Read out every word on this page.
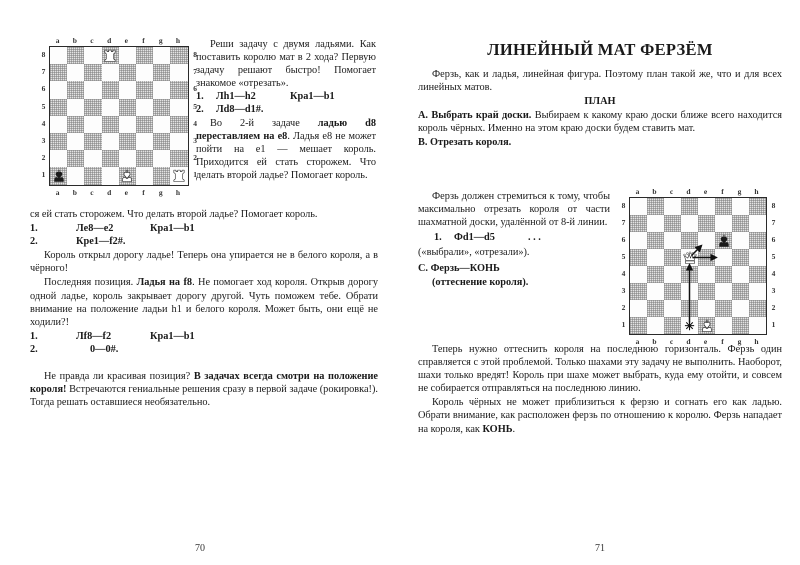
a	b	c	d	e	f	g	h
a	b	c	d	e	f	g	h
8
7
6
5
4
3
2
1
8
7
6
5
4
3
2
1

Реши задачу с двумя ладьями. Как поставить королю мат в 2 хода? Первую задачу решают быстро! Помогает знакомое «отрезать».

1.	Лh1—h2	Крa1—b1
2.	Лd8—d1#.

Во 2-й задаче ладью d8 переставляем на e8. Ладья e8 не может пойти на e1 — мешает король. Приходится ей стать сторожем. Что делать второй ладье? Помогает король.

ся ей стать сторожем. Что делать второй ладье? Помогает король.

1.	Лe8—e2	Крa1—b1
2.	Крe1—f2#.

Король открыл дорогу ладье! Теперь она упирается не в белого короля, а в чёрного!

Последняя позиция. Ладья на f8. Не помогает ход короля. Открыв дорогу одной ладье, король закрывает дорогу другой. Чуть поможем тебе. Обрати внимание на положение ладьи h1 и белого короля. Может быть, они ещё не ходили?!

1.	Лf8—f2	Крa1—b1
2.	0—0#.

Не правда ли красивая позиция? В задачах всегда смотри на положение короля! Встречаются гениальные решения сразу в первой задаче (рокировка!). Тогда решать оставшиеся необязательно.

70
ЛИНЕЙНЫЙ МАТ ФЕРЗЁМ

Ферзь, как и ладья, линейная фигура. Поэтому план такой же, что и для всех линейных матов.

ПЛАН

А. Выбрать край доски. Выбираем к какому краю доски ближе всего находится король чёрных. Именно на этом краю доски будем ставить мат.

В. Отрезать короля.

✳
a	b	c	d	e	f	g	h
a	b	c	d	e	f	g	h
8
7
6
5
4
3
2
1
8
7
6
5
4
3
2
1

Ферзь должен стремиться к тому, чтобы максимально отрезать короля от части шахматной доски, удалённой от 8-й линии.

1.	Фd1—d5	. . .

(«выбрали», «отрезали»).

С. Ферзь—КОНЬ

(оттеснение короля).

Теперь нужно оттеснить короля на последнюю горизонталь. Ферзь один справляется с этой проблемой. Только шахами эту задачу не выполнить. Наоборот, шахи только вредят! Король при шахе может выбрать, куда ему отойти, и совсем не собирается отправляться на последнюю линию.

Король чёрных не может приблизиться к ферзю и согнать его как ладью. Обрати внимание, как расположен ферзь по отношению к королю. Ферзь нападает на короля, как КОНЬ.

71
